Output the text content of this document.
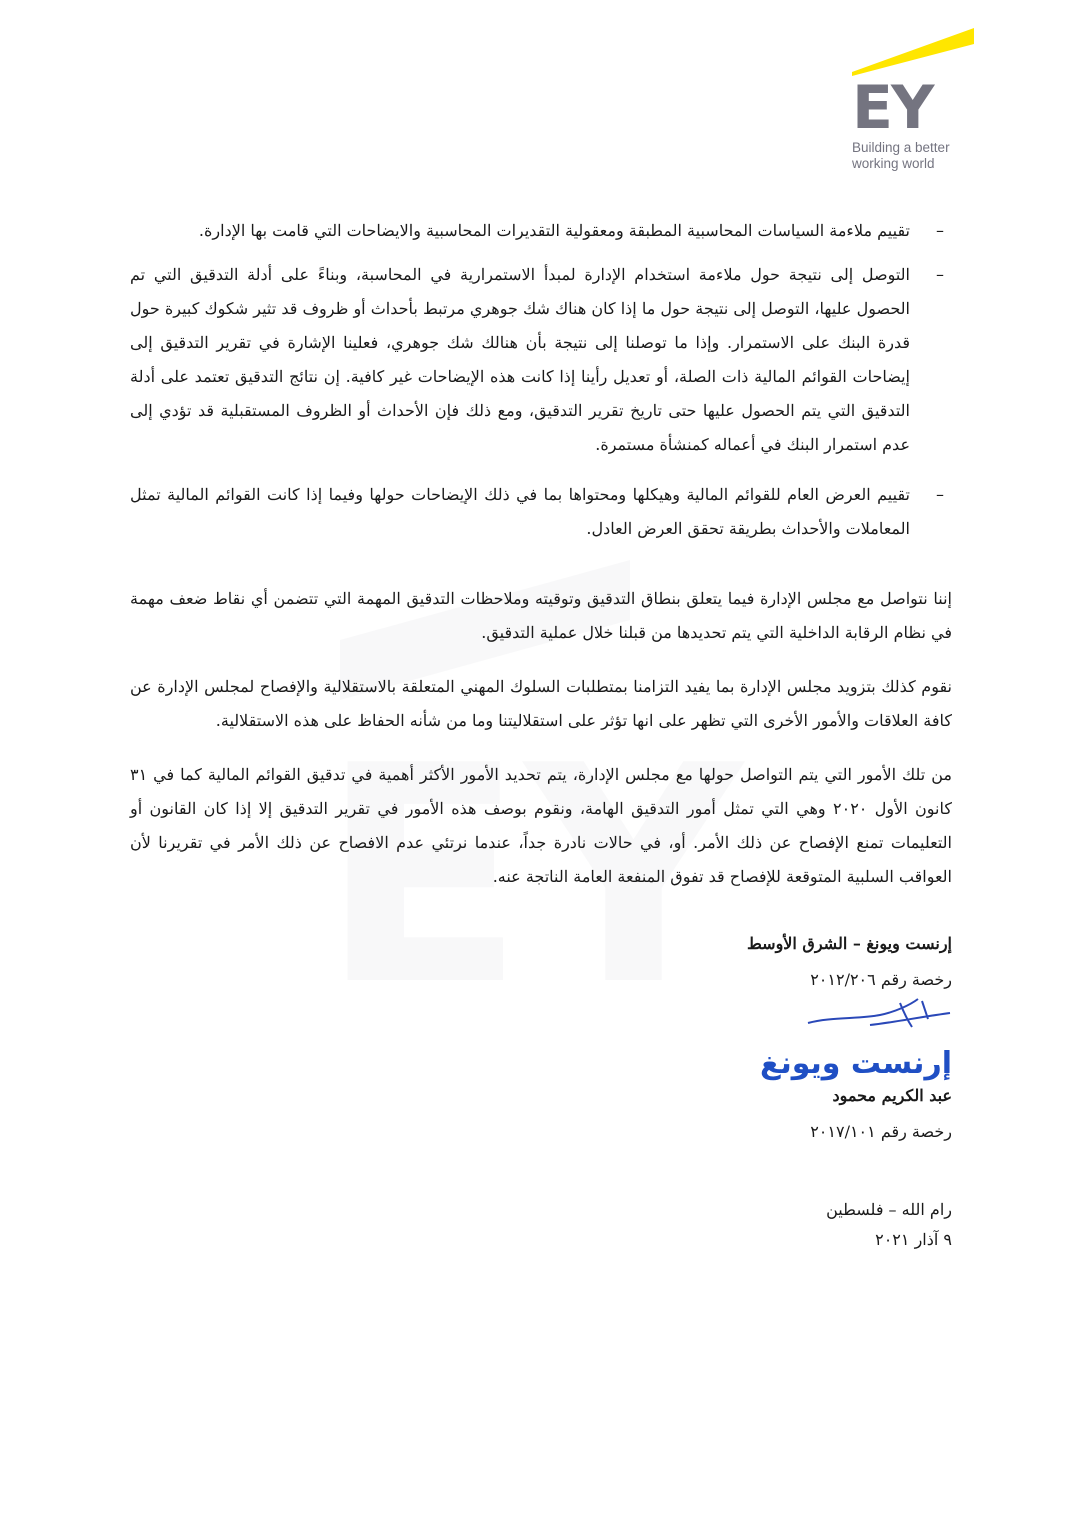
EY
Building a better
working world
–
تقييم ملاءمة السياسات المحاسبية المطبقة ومعقولية التقديرات المحاسبية والايضاحات التي قامت بها الإدارة.
–
التوصل إلى نتيجة حول ملاءمة استخدام الإدارة لمبدأ الاستمرارية في المحاسبة، وبناءً على أدلة التدقيق التي تم الحصول عليها، التوصل إلى نتيجة حول ما إذا كان هناك شك جوهري مرتبط بأحداث أو ظروف قد تثير شكوك كبيرة حول قدرة البنك على الاستمرار. وإذا ما توصلنا إلى نتيجة بأن هنالك شك جوهري، فعلينا الإشارة في تقرير التدقيق إلى إيضاحات القوائم المالية ذات الصلة، أو تعديل رأينا إذا كانت هذه الإيضاحات غير كافية. إن نتائج التدقيق تعتمد على أدلة التدقيق التي يتم الحصول عليها حتى تاريخ تقرير التدقيق، ومع ذلك فإن الأحداث أو الظروف المستقبلية قد تؤدي إلى عدم استمرار البنك في أعماله كمنشأة مستمرة.
–
تقييم العرض العام للقوائم المالية وهيكلها ومحتواها بما في ذلك الإيضاحات حولها وفيما إذا كانت القوائم المالية تمثل المعاملات والأحداث بطريقة تحقق العرض العادل.
إننا نتواصل مع مجلس الإدارة فيما يتعلق بنطاق التدقيق وتوقيته وملاحظات التدقيق المهمة التي تتضمن أي نقاط ضعف مهمة في نظام الرقابة الداخلية التي يتم تحديدها من قبلنا خلال عملية التدقيق.
نقوم كذلك بتزويد مجلس الإدارة بما يفيد التزامنا بمتطلبات السلوك المهني المتعلقة بالاستقلالية والإفصاح لمجلس الإدارة عن كافة العلاقات والأمور الأخرى التي تظهر على انها تؤثر على استقلاليتنا وما من شأنه الحفاظ على هذه الاستقلالية.
من تلك الأمور التي يتم التواصل حولها مع مجلس الإدارة، يتم تحديد الأمور الأكثر أهمية في تدقيق القوائم المالية كما في ٣١ كانون الأول ٢٠٢٠ وهي التي تمثل أمور التدقيق الهامة، ونقوم بوصف هذه الأمور في تقرير التدقيق إلا إذا كان القانون أو التعليمات تمنع الإفصاح عن ذلك الأمر. أو، في حالات نادرة جداً، عندما نرتئي عدم الافصاح عن ذلك الأمر في تقريرنا لأن العواقب السلبية المتوقعة للإفصاح قد تفوق المنفعة العامة الناتجة عنه.
إرنست ويونغ – الشرق الأوسط
رخصة رقم ٢٠١٢/٢٠٦
إرنست ويونغ
عبد الكريم محمود
رخصة رقم ٢٠١٧/١٠١
رام الله – فلسطين
٩ آذار ٢٠٢١
